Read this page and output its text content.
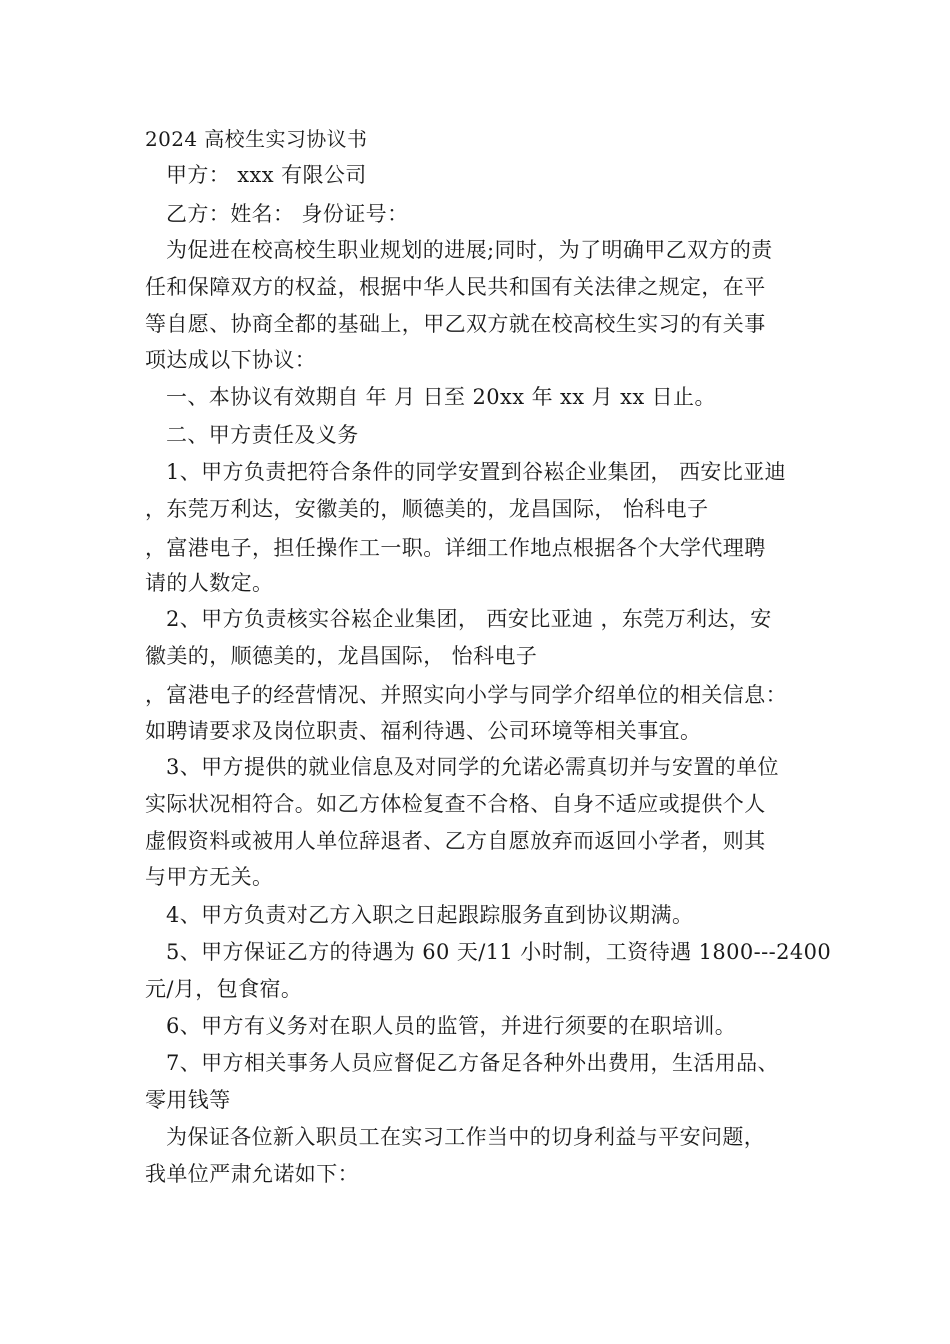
2024 高校生实习协议书
甲方： xxx 有限公司
乙方：姓名： 身份证号：
为促进在校高校生职业规划的进展;同时，为了明确甲乙双方的责
任和保障双方的权益，根据中华人民共和国有关法律之规定，在平
等自愿、协商全都的基础上，甲乙双方就在校高校生实习的有关事
项达成以下协议：
一、本协议有效期自 年 月 日至 20xx 年 xx 月 xx 日止。
二、甲方责任及义务
1、甲方负责把符合条件的同学安置到谷崧企业集团， 西安比亚迪
，东莞万利达，安徽美的，顺德美的，龙昌国际， 怡科电子
，富港电子，担任操作工一职。详细工作地点根据各个大学代理聘
请的人数定。
2、甲方负责核实谷崧企业集团， 西安比亚迪 ，东莞万利达，安
徽美的，顺德美的，龙昌国际， 怡科电子
，富港电子的经营情况、并照实向小学与同学介绍单位的相关信息：
如聘请要求及岗位职责、福利待遇、公司环境等相关事宜。
3、甲方提供的就业信息及对同学的允诺必需真切并与安置的单位
实际状况相符合。如乙方体检复查不合格、自身不适应或提供个人
虚假资料或被用人单位辞退者、乙方自愿放弃而返回小学者，则其
与甲方无关。
4、甲方负责对乙方入职之日起跟踪服务直到协议期满。
5、甲方保证乙方的待遇为 60 天/11 小时制，工资待遇 1800---2400
元/月，包食宿。
6、甲方有义务对在职人员的监管，并进行须要的在职培训。
7、甲方相关事务人员应督促乙方备足各种外出费用，生活用品、
零用钱等
为保证各位新入职员工在实习工作当中的切身利益与平安问题，
我单位严肃允诺如下：
